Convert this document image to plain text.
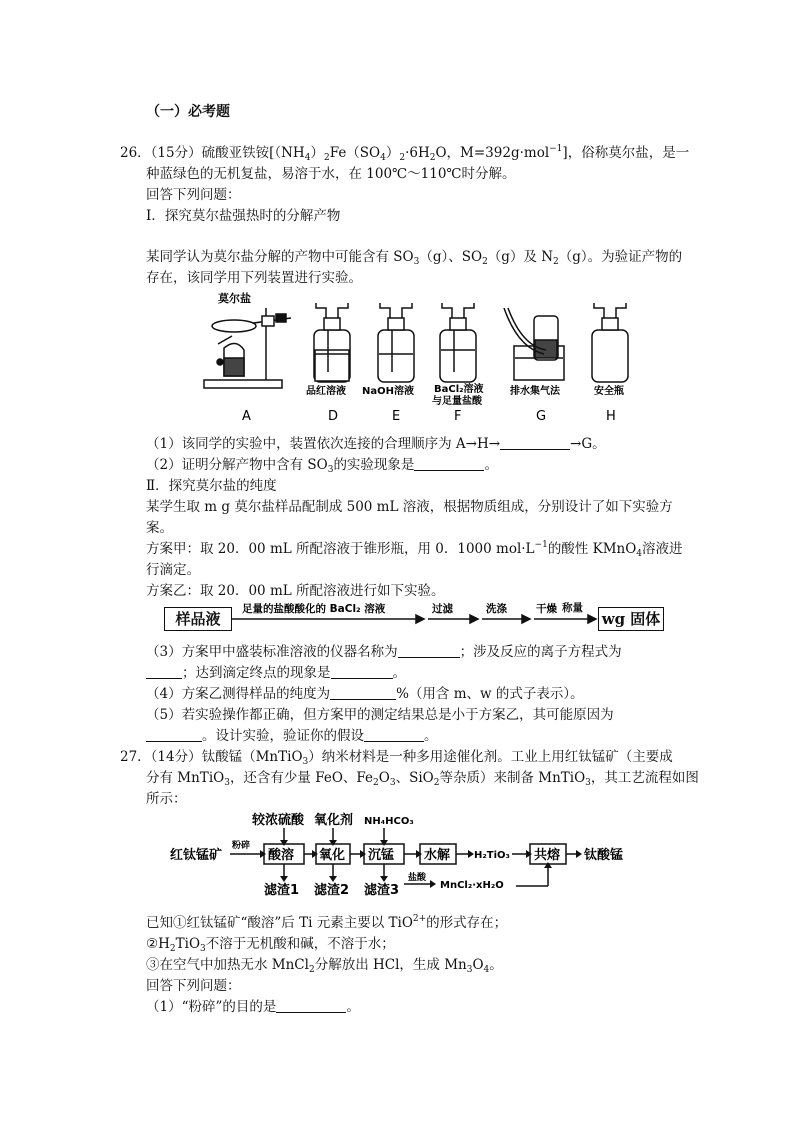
（一）必考题
26．（15分）硫酸亚铁铵[$(NH_4)_2Fe(SO_4)_2\cdot 6H_2O$，M=392g·mol$^{-1}$]，俗称莫尔盐，是一
种蓝绿色的无机复盐，易溶于水，在 100℃～110℃时分解。
回答下列问题：
Ⅰ．探究莫尔盐强热时的分解产物
某同学认为莫尔盐分解的产物中可能含有 $SO_3(g)$、$SO_2(g)$及 $N_2(g)$。为验证产物的
存在，该同学用下列装置进行实验。
莫尔盐
品红溶液 NaOH溶液 BaCl₂溶液
与足量盐酸
排水集气法	安全瓶
A	D	E	F	G	H
（1）该同学的实验中，装置依次连接的合理顺序为 A→H→	→G。
（2）证明分解产物中含有 $SO_3$的实验现象是	。
Ⅱ．探究莫尔盐的纯度
某学生取 m g 莫尔盐样品配制成 500 mL 溶液，根据物质组成，分别设计了如下实验方
案。
方案甲：取 20．00 mL 所配溶液于锥形瓶，用 0．1000 $mol\cdot L^{-1}$的酸性 KMnO$_4$溶液进
行滴定。
方案乙：取 20．00 mL 所配溶液进行如下实验。
样品液
足量的盐酸酸化的 BaCl₂ 溶液	过滤	洗涤	干燥 称量
wg 固体
（3）方案甲中盛装标准溶液的仪器名称为	；涉及反应的离子方程式为
；达到滴定终点的现象是	。
（4）方案乙测得样品的纯度为	%（用含 m、w 的式子表示）。
（5）若实验操作都正确，但方案甲的测定结果总是小于方案乙，其可能原因为
。设计实验，验证你的假设	。
27．（14分）钛酸锰（MnTiO$_3$）纳米材料是一种多用途催化剂。工业上用红钛锰矿（主要成
分有 MnTiO$_3$，还含有少量 FeO、$Fe_2O_3$、SiO$_2$等杂质）来制备 MnTiO$_3$，其工艺流程如图
所示：
较浓硫酸 氧化剂 NH₄HCO₃
红钛锰矿
粉碎
酸溶 氧化 沉锰 水解 H₂TiO₃ 共熔 钛酸锰
滤渣1 滤渣2 滤渣3
盐酸
MnCl₂·xH₂O
已知①红钛锰矿“酸溶”后 Ti 元素主要以 TiO$^{2+}$的形式存在；
$②H_2TiO_3$不溶于无机酸和碱，不溶于水；
③在空气中加热无水 MnCl$_2$分解放出 HCl，生成 $Mn_3O_4$。
回答下列问题：
（1）“粉碎”的目的是	。
